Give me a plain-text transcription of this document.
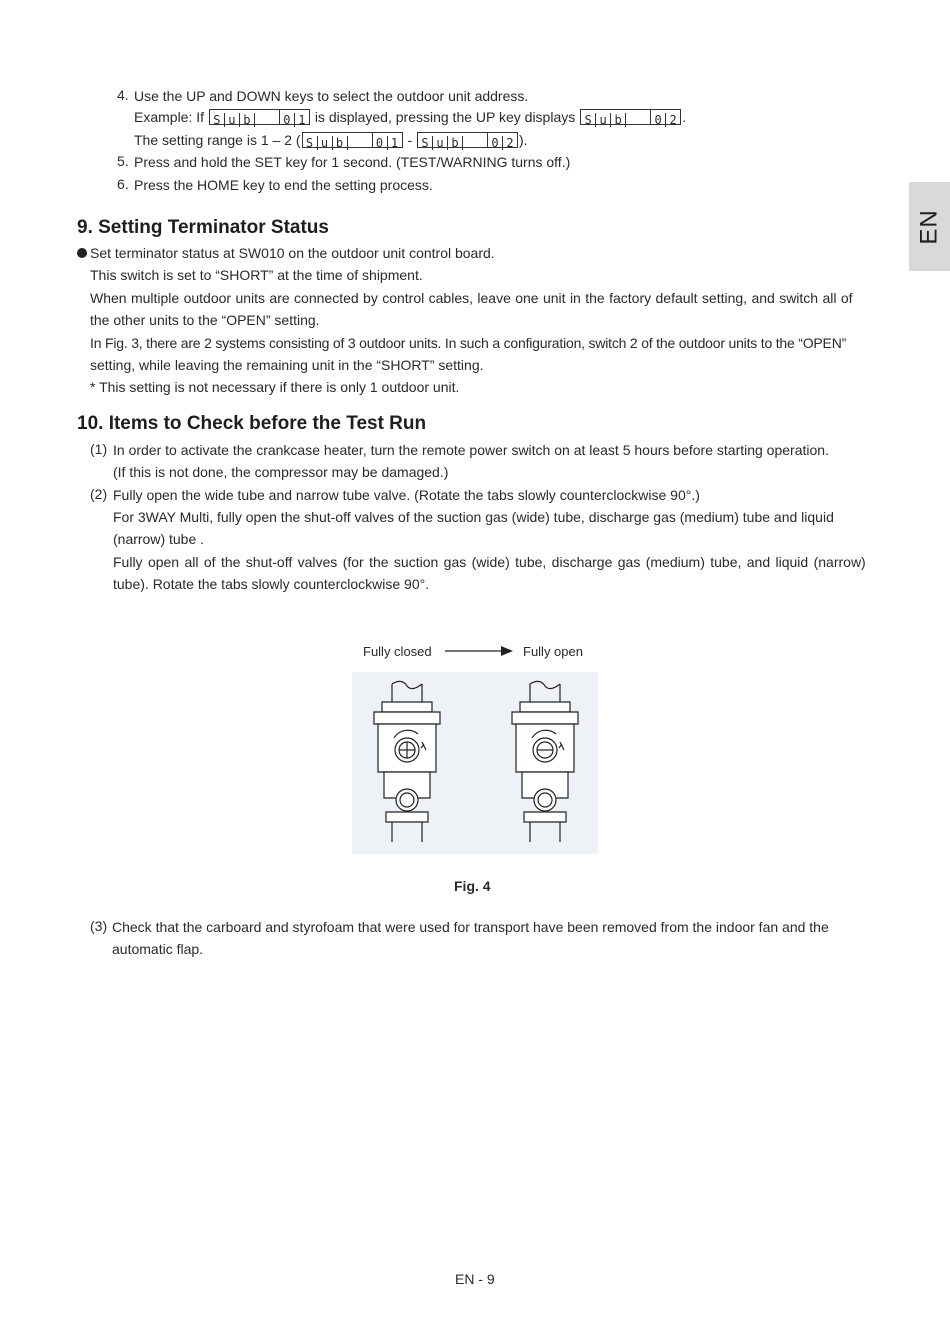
4. Use the UP and DOWN keys to select the outdoor unit address.
Example: If S u b	0 1 is displayed, pressing the UP key displays S u b	0 2 .
The setting range is 1 – 2 ( S u b	0 1 - S u b	0 2 ).
5. Press and hold the SET key for 1 second. (TEST/WARNING turns off.)
6. Press the HOME key to end the setting process.
EN
9. Setting Terminator Status
Set terminator status at SW010 on the outdoor unit control board.
This switch is set to “SHORT” at the time of shipment.
When multiple outdoor units are connected by control cables, leave one unit in the factory default setting, and switch all of
the other units to the “OPEN” setting.
In Fig. 3, there are 2 systems consisting of 3 outdoor units. In such a configuration, switch 2 of the outdoor units to the “OPEN”
setting, while leaving the remaining unit in the “SHORT” setting.
* This setting is not necessary if there is only 1 outdoor unit.
10. Items to Check before the Test Run
(1) In order to activate the crankcase heater, turn the remote power switch on at least 5 hours before starting operation.
(If this is not done, the compressor may be damaged.)
(2) Fully open the wide tube and narrow tube valve. (Rotate the tabs slowly counterclockwise 90°.)
For 3WAY Multi, fully open the shut-off valves of the suction gas (wide) tube, discharge gas (medium) tube and liquid
(narrow) tube .
Fully open all of the shut-off valves (for the suction gas (wide) tube, discharge gas (medium) tube, and liquid (narrow)
tube). Rotate the tabs slowly counterclockwise 90°.
Fully closed	Fully open
Fig. 4
(3) Check that the carboard and styrofoam that were used for transport have been removed from the indoor fan and the
automatic flap.
EN - 9
